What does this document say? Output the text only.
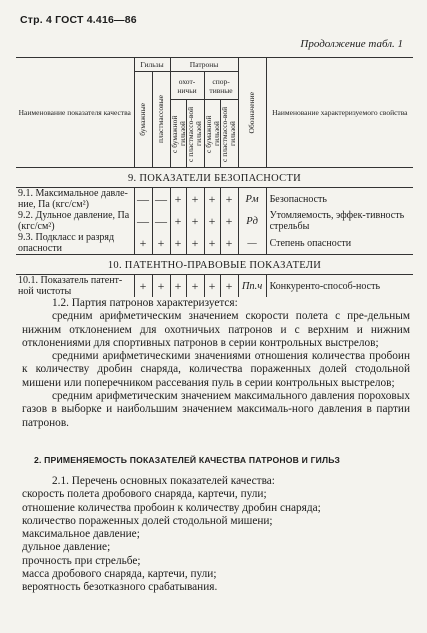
Стр. 4 ГОСТ 4.416—86
Продолжение табл. 1
Наименование показателя качества	Гильзы		Патроны				Обозначение	Наименование характеризуемого свойства

	бумажные	пластмассовые	охот-ничьи		спор-тивные			

			с бумажной гильзой	с пластмассо-вой гильзой	с бумажной гильзой	с пластмассо-вой гильзой		

9. ПОКАЗАТЕЛИ БЕЗОПАСНОСТИ								
9.1. Максимальное давле-ние, Па (кгс/см²)	—	—	+	+	+	+	Pм	Безопасность
9.2. Дульное давление, Па (кгс/см²)	—	—	+	+	+	+	Pд	Утомляемость, эффек-тивность стрельбы
9.3. Подкласс и разряд опасности	+	+	+	+	+	+	—	Степень опасности
10. ПАТЕНТНО-ПРАВОВЫЕ ПОКАЗАТЕЛИ								
10.1. Показатель патент-ной чистоты	+	+	+	+	+	+	Пп.ч	Конкуренто-способ-ность

1.2. Партия патронов характеризуется:

средним арифметическим значением скорости полета с пре-дельным нижним отклонением для охотничьих патронов и с верхним и нижним отклонениями для спортивных патронов в серии контрольных выстрелов;

средними арифметическими значениями отношения количества пробоин к количеству дробин снаряда, количества пораженных долей стодольной мишени или поперечником рассевания пуль в серии контрольных выстрелов;

средним арифметическим значением максимального давления пороховых газов в выборке и наибольшим значением максималь-ного давления в партии патронов.

2. ПРИМЕНЯЕМОСТЬ ПОКАЗАТЕЛЕЙ КАЧЕСТВА ПАТРОНОВ И ГИЛЬЗ

2.1. Перечень основных показателей качества:

скорость полета дробового снаряда, картечи, пули;

отношение количества пробоин к количеству дробин снаряда;

количество пораженных долей стодольной мишени;

максимальное давление;

дульное давление;

прочность при стрельбе;

масса дробового снаряда, картечи, пули;

вероятность безотказного срабатывания.
